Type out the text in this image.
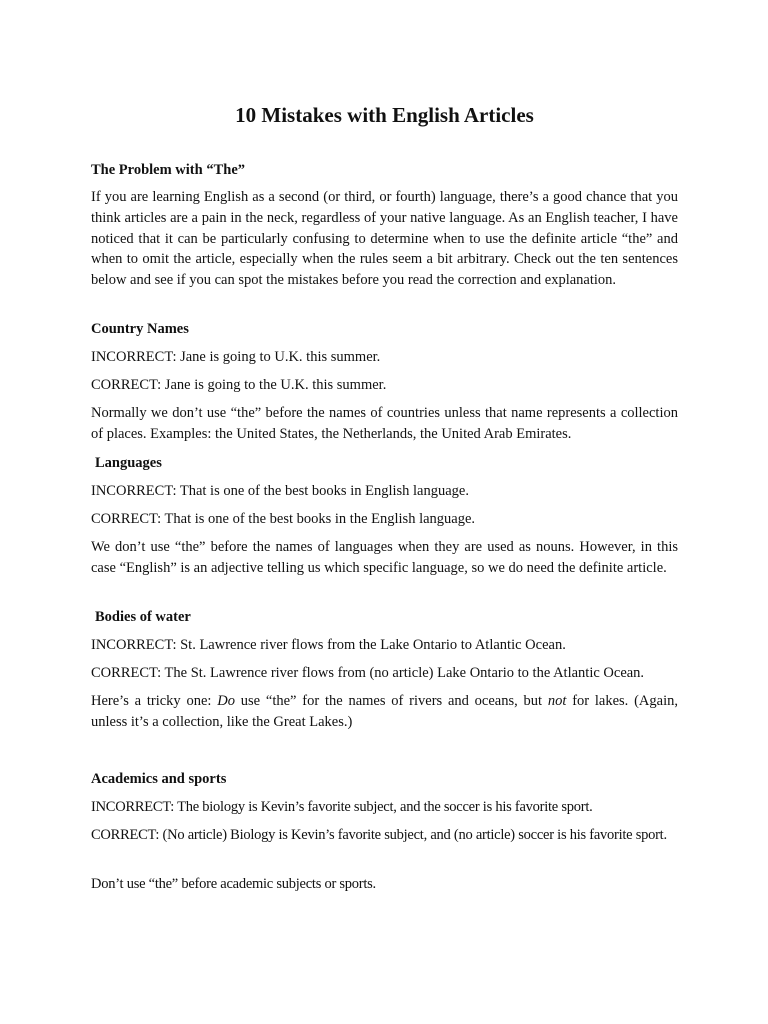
10 Mistakes with English Articles

The Problem with “The”

If you are learning English as a second (or third, or fourth) language, there’s a good chance that you think articles are a pain in the neck, regardless of your native language. As an English teacher, I have noticed that it can be particularly confusing to determine when to use the definite article “the” and when to omit the article, especially when the rules seem a bit arbitrary. Check out the ten sentences below and see if you can spot the mistakes before you read the correction and explanation.

Country Names

INCORRECT: Jane is going to U.K. this summer.

CORRECT: Jane is going to the U.K. this summer.

Normally we don’t use “the” before the names of countries unless that name represents a collection of places. Examples: the United States, the Netherlands, the United Arab Emirates.

Languages

INCORRECT: That is one of the best books in English language.

CORRECT: That is one of the best books in the English language.

We don’t use “the” before the names of languages when they are used as nouns. However, in this case “English” is an adjective telling us which specific language, so we do need the definite article.

Bodies of water

INCORRECT: St. Lawrence river flows from the Lake Ontario to Atlantic Ocean.

CORRECT: The St. Lawrence river flows from (no article) Lake Ontario to the Atlantic Ocean.

Here’s a tricky one: Do use “the” for the names of rivers and oceans, but not for lakes. (Again, unless it’s a collection, like the Great Lakes.)

Academics and sports

INCORRECT: The biology is Kevin’s favorite subject, and the soccer is his favorite sport.

CORRECT: (No article) Biology is Kevin’s favorite subject, and (no article) soccer is his favorite sport.

Don’t use “the” before academic subjects or sports.
